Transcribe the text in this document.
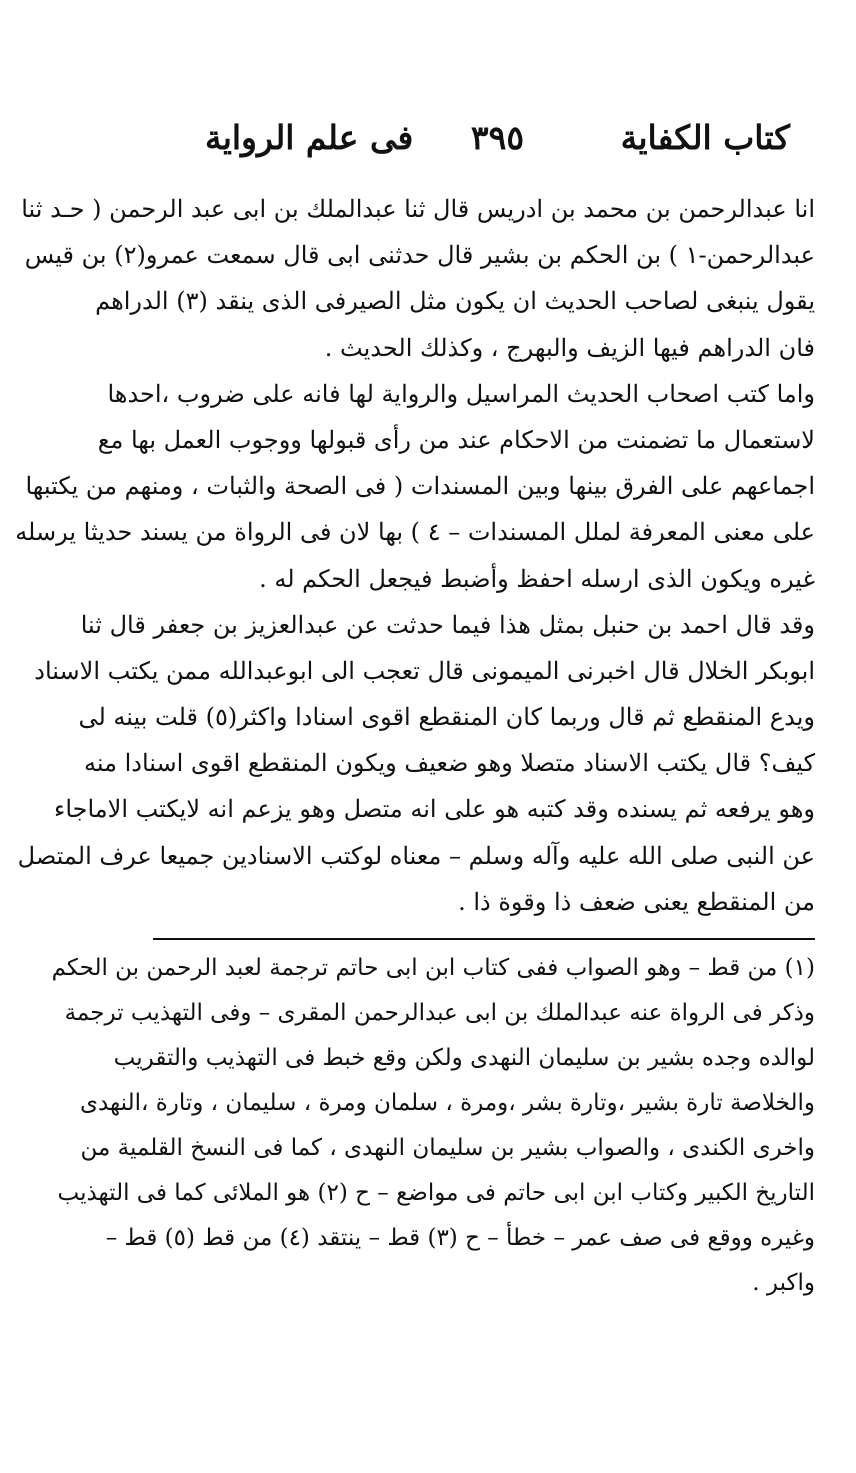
كتاب الكفاية
٣٩٥
فى علم الرواية
انا عبدالرحمن بن محمد بن ادريس قال ثنا عبدالملك بن ابى عبد الرحمن ( حـد ثنا
عبدالرحمن-١ ) بن الحكم بن بشير قال حدثنى ابى قال سمعت عمرو(٢) بن قيس
يقول ينبغى لصاحب الحديث ان يكون مثل الصيرفى الذى ينقد (٣) الدراهم
فان الدراهم فيها الزيف والبهرج ، وكذلك الحديث .
واما كتب اصحاب الحديث المراسيل والرواية لها فانه على ضروب ،احدها
لاستعمال ما تضمنت من الاحكام عند من رأى قبولها ووجوب العمل بها مع
اجماعهم على الفرق بينها وبين المسندات ( فى الصحة والثبات ، ومنهم من يكتبها
على معنى المعرفة لملل المسندات – ٤ ) بها لان فى الرواة من يسند حديثا يرسله
غيره ويكون الذى ارسله احفظ وأضبط فيجعل الحكم له .
وقد قال احمد بن حنبل بمثل هذا فيما حدثت عن عبدالعزيز بن جعفر قال ثنا
ابوبكر الخلال قال اخبرنى الميمونى قال تعجب الى ابوعبدالله ممن يكتب الاسناد
ويدع المنقطع ثم قال وربما كان المنقطع اقوى اسنادا واكثر(٥) قلت بينه لى
كيف؟ قال يكتب الاسناد متصلا وهو ضعيف ويكون المنقطع اقوى اسنادا منه
وهو يرفعه ثم يسنده وقد كتبه هو على انه متصل وهو يزعم انه لايكتب الاماجاء
عن النبى صلى الله عليه وآله وسلم – معناه لوكتب الاسنادين جميعا عرف المتصل
من المنقطع يعنى ضعف ذا وقوة ذا .
(١) من قط – وهو الصواب ففى كتاب ابن ابى حاتم ترجمة لعبد الرحمن بن الحكم
وذكر فى الرواة عنه عبدالملك بن ابى عبدالرحمن المقرى – وفى التهذيب ترجمة
لوالده وجده بشير بن سليمان النهدى ولكن وقع خبط فى التهذيب والتقريب
والخلاصة تارة بشير ،وتارة بشر ،ومرة ، سلمان ومرة ، سليمان ، وتارة ،النهدى
واخرى الكندى ، والصواب بشير بن سليمان النهدى ، كما فى النسخ القلمية من
التاريخ الكبير وكتاب ابن ابى حاتم فى مواضع – ح (٢) هو الملائى كما فى التهذيب
وغيره ووقع فى صف عمر – خطأ – ح (٣) قط – ينتقد (٤) من قط (٥) قط –
واكبر .
